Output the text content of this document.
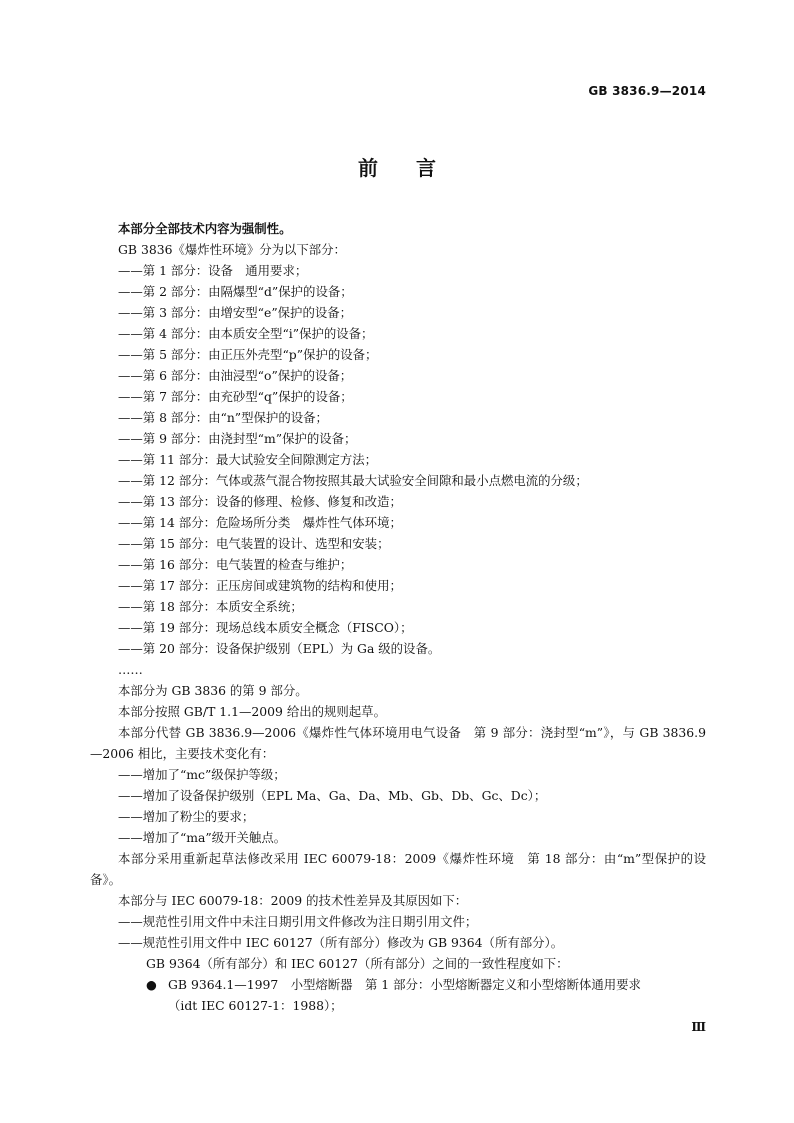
GB 3836.9—2014
前言

本部分全部技术内容为强制性。

GB 3836《爆炸性环境》分为以下部分：

——第 1 部分：设备　通用要求；

——第 2 部分：由隔爆型“d”保护的设备；

——第 3 部分：由增安型“e”保护的设备；

——第 4 部分：由本质安全型“i”保护的设备；

——第 5 部分：由正压外壳型“p”保护的设备；

——第 6 部分：由油浸型“o”保护的设备；

——第 7 部分：由充砂型“q”保护的设备；

——第 8 部分：由“n”型保护的设备；

——第 9 部分：由浇封型“m”保护的设备；

——第 11 部分：最大试验安全间隙测定方法；

——第 12 部分：气体或蒸气混合物按照其最大试验安全间隙和最小点燃电流的分级；

——第 13 部分：设备的修理、检修、修复和改造；

——第 14 部分：危险场所分类　爆炸性气体环境；

——第 15 部分：电气装置的设计、选型和安装；

——第 16 部分：电气装置的检查与维护；

——第 17 部分：正压房间或建筑物的结构和使用；

——第 18 部分：本质安全系统；

——第 19 部分：现场总线本质安全概念（FISCO）；

——第 20 部分：设备保护级别（EPL）为 Ga 级的设备。

……

本部分为 GB 3836 的第 9 部分。

本部分按照 GB/T 1.1—2009 给出的规则起草。

本部分代替 GB 3836.9—2006《爆炸性气体环境用电气设备　第 9 部分：浇封型“m”》，与 GB 3836.9—2006 相比，主要技术变化有：

——增加了“mc”级保护等级；

——增加了设备保护级别（EPL Ma、Ga、Da、Mb、Gb、Db、Gc、Dc）；

——增加了粉尘的要求；

——增加了“ma”级开关触点。

本部分采用重新起草法修改采用 IEC 60079-18：2009《爆炸性环境　第 18 部分：由“m”型保护的设备》。

本部分与 IEC 60079-18：2009 的技术性差异及其原因如下：

——规范性引用文件中未注日期引用文件修改为注日期引用文件；

——规范性引用文件中 IEC 60127（所有部分）修改为 GB 9364（所有部分）。

GB 9364（所有部分）和 IEC 60127（所有部分）之间的一致性程度如下：

● GB 9364.1—1997　小型熔断器　第 1 部分：小型熔断器定义和小型熔断体通用要求

（idt IEC 60127-1：1988）；

Ⅲ
